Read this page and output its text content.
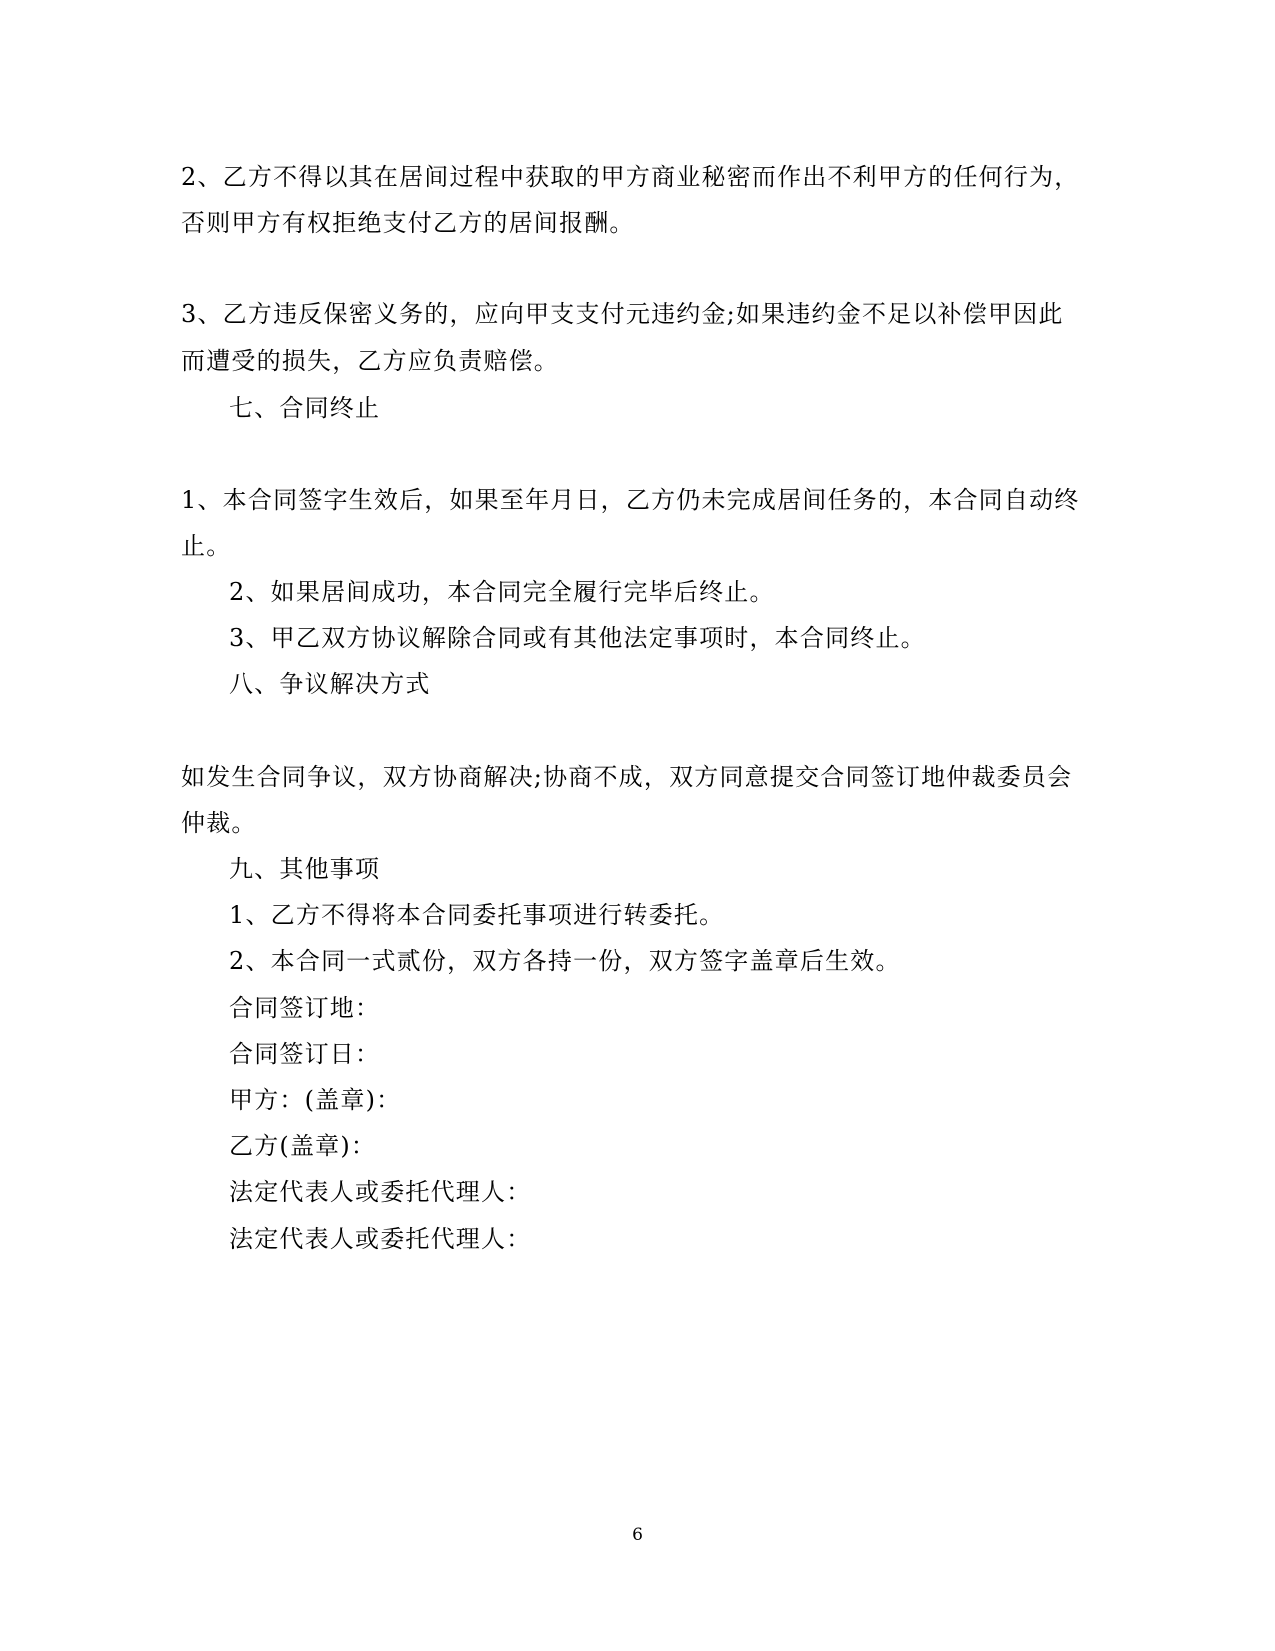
2、乙方不得以其在居间过程中获取的甲方商业秘密而作出不利甲方的任何行为，
否则甲方有权拒绝支付乙方的居间报酬。
3、乙方违反保密义务的，应向甲支支付元违约金;如果违约金不足以补偿甲因此
而遭受的损失，乙方应负责赔偿。
七、合同终止
1、本合同签字生效后，如果至年月日，乙方仍未完成居间任务的，本合同自动终
止。
2、如果居间成功，本合同完全履行完毕后终止。
3、甲乙双方协议解除合同或有其他法定事项时，本合同终止。
八、争议解决方式
如发生合同争议，双方协商解决;协商不成，双方同意提交合同签订地仲裁委员会
仲裁。
九、其他事项
1、乙方不得将本合同委托事项进行转委托。
2、本合同一式贰份，双方各持一份，双方签字盖章后生效。
合同签订地：
合同签订日：
甲方：(盖章)：
乙方(盖章)：
法定代表人或委托代理人：
法定代表人或委托代理人：
6
